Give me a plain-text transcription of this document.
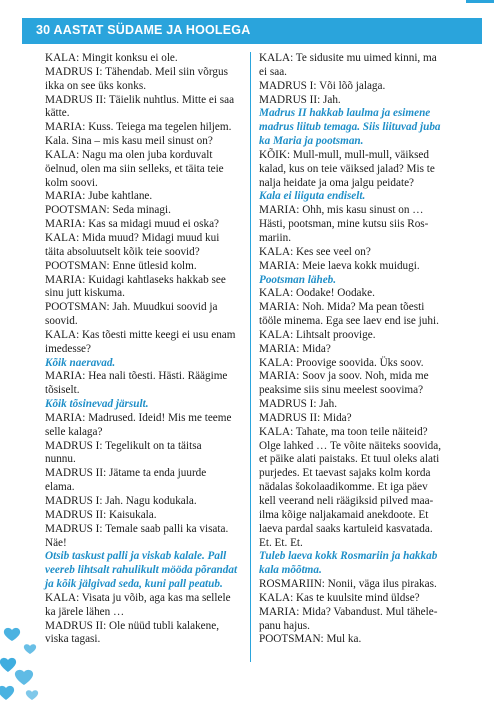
30 AASTAT SÜDAME JA HOOLEGA
KALA: Mingit konksu ei ole.
MADRUS I: Tähendab. Meil siin võrgus
ikka on see üks konks.
MADRUS II: Täielik nuhtlus. Mitte ei saa
kätte.
MARIA: Kuss. Teiega ma tegelen hiljem.
Kala. Sina – mis kasu meil sinust on?
KALA: Nagu ma olen juba korduvalt
öelnud, olen ma siin selleks, et täita teie
kolm soovi.
MARIA: Jube kahtlane.
POOTSMAN: Seda minagi.
MARIA: Kas sa midagi muud ei oska?
KALA: Mida muud? Midagi muud kui
täita absoluutselt kõik teie soovid?
POOTSMAN: Enne ütlesid kolm.
MARIA: Kuidagi kahtlaseks hakkab see
sinu jutt kiskuma.
POOTSMAN: Jah. Muudkui soovid ja
soovid.
KALA: Kas tõesti mitte keegi ei usu enam
imedesse?
Kõik naeravad.
MARIA: Hea nali tõesti. Hästi. Räägime
tõsiselt.
Kõik tõsinevad järsult.
MARIA: Madrused. Ideid! Mis me teeme
selle kalaga?
MADRUS I: Tegelikult on ta täitsa
nunnu.
MADRUS II: Jätame ta enda juurde
elama.
MADRUS I: Jah. Nagu kodukala.
MADRUS II: Kaisukala.
MADRUS I: Temale saab palli ka visata.
Näe!
Otsib taskust palli ja viskab kalale. Pall
veereb lihtsalt rahulikult mööda põrandat
ja kõik jälgivad seda, kuni pall peatub.
KALA: Visata ju võib, aga kas ma sellele
ka järele lähen …
MADRUS II: Ole nüüd tubli kalakene,
viska tagasi.
KALA: Te sidusite mu uimed kinni, ma
ei saa.
MADRUS I: Või lõõ jalaga.
MADRUS II: Jah.
Madrus II hakkab laulma ja esimene
madrus liitub temaga. Siis liituvad juba
ka Maria ja pootsman.
KÕIK: Mull-mull, mull-mull, väiksed
kalad, kus on teie väiksed jalad? Mis te
nalja heidate ja oma jalgu peidate?
Kala ei liiguta endiselt.
MARIA: Ohh, mis kasu sinust on …
Hästi, pootsman, mine kutsu siis Ros-
mariin.
KALA: Kes see veel on?
MARIA: Meie laeva kokk muidugi.
Pootsman läheb.
KALA: Oodake! Oodake.
MARIA: Noh. Mida? Ma pean tõesti
tööle minema. Ega see laev end ise juhi.
KALA: Lihtsalt proovige.
MARIA: Mida?
KALA: Proovige soovida. Üks soov.
MARIA: Soov ja soov. Noh, mida me
peaksime siis sinu meelest soovima?
MADRUS I: Jah.
MADRUS II: Mida?
KALA: Tahate, ma toon teile näiteid?
Olge lahked … Te võite näiteks soovida,
et päike alati paistaks. Et tuul oleks alati
purjedes. Et taevast sajaks kolm korda
nädalas šokolaadikomme. Et iga päev
kell veerand neli räägiksid pilved maa-
ilma kõige naljakamaid anekdoote. Et
laeva pardal saaks kartuleid kasvatada.
Et. Et. Et.
Tuleb laeva kokk Rosmariin ja hakkab
kala mõõtma.
ROSMARIIN: Nonii, väga ilus pirakas.
KALA: Kas te kuulsite mind üldse?
MARIA: Mida? Vabandust. Mul tähele-
panu hajus.
POOTSMAN: Mul ka.
